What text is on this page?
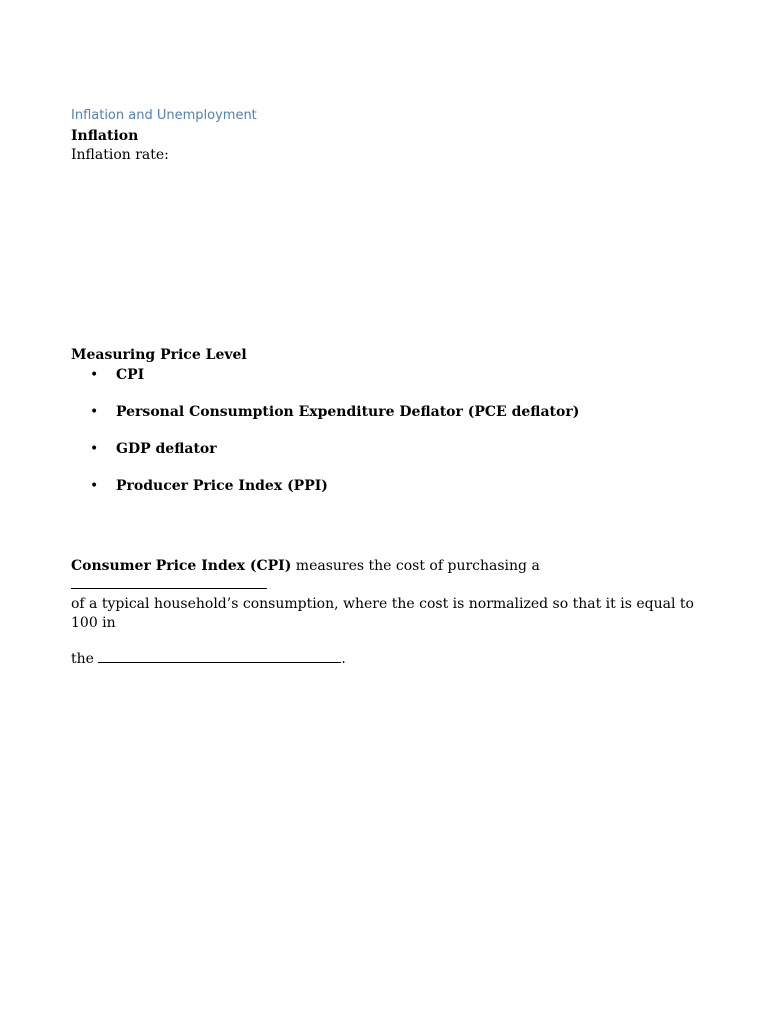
Inflation and Unemployment
Inflation

Inflation rate:

Measuring Price Level
•	CPI
•	Personal Consumption Expenditure Deflator (PCE deflator)
•	GDP deflator
•	Producer Price Index (PPI)

Consumer Price Index (CPI) measures the cost of purchasing a

of a typical household’s consumption, where the cost is normalized so that it is equal to 100 in

the	.
